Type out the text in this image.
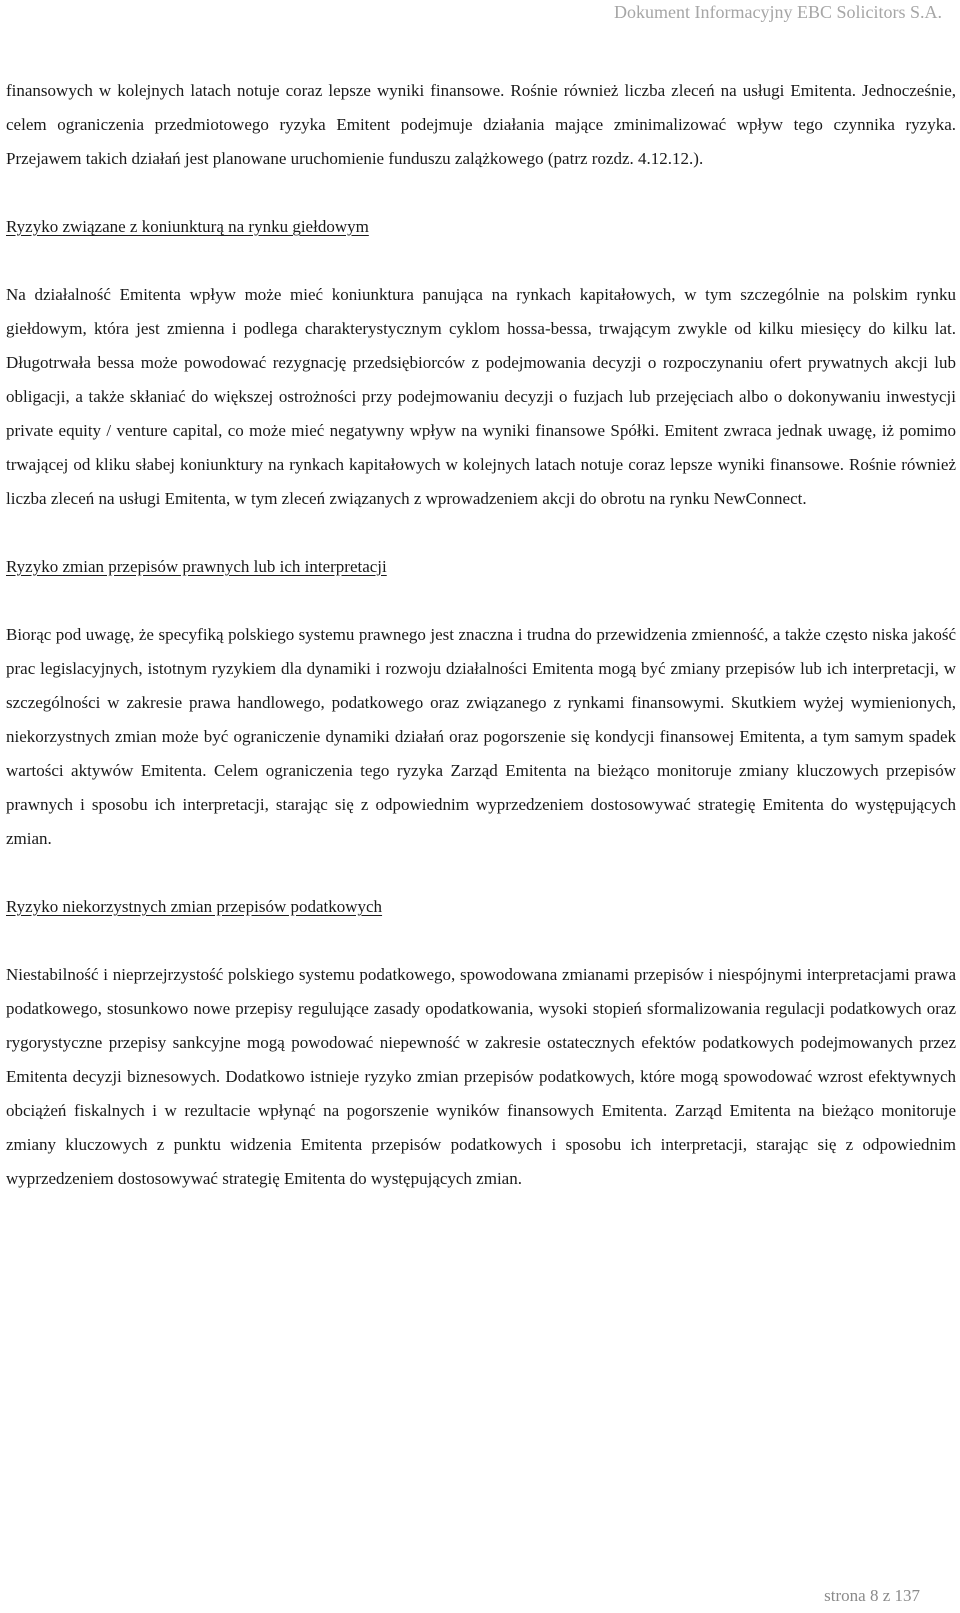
Dokument Informacyjny EBC Solicitors S.A.

finansowych w kolejnych latach notuje coraz lepsze wyniki finansowe. Rośnie również liczba zleceń na usługi Emitenta. Jednocześnie, celem ograniczenia przedmiotowego ryzyka Emitent podejmuje działania mające zminimalizować wpływ tego czynnika ryzyka. Przejawem takich działań jest planowane uruchomienie funduszu zalążkowego (patrz rozdz. 4.12.12.).

Ryzyko związane z koniunkturą na rynku giełdowym

Na działalność Emitenta wpływ może mieć koniunktura panująca na rynkach kapitałowych, w tym szczególnie na polskim rynku giełdowym, która jest zmienna i podlega charakterystycznym cyklom hossa-bessa, trwającym zwykle od kilku miesięcy do kilku lat. Długotrwała bessa może powodować rezygnację przedsiębiorców z podejmowania decyzji o rozpoczynaniu ofert prywatnych akcji lub obligacji, a także skłaniać do większej ostrożności przy podejmowaniu decyzji o fuzjach lub przejęciach albo o dokonywaniu inwestycji private equity / venture capital, co może mieć negatywny wpływ na wyniki finansowe Spółki. Emitent zwraca jednak uwagę, iż pomimo trwającej od kliku słabej koniunktury na rynkach kapitałowych w kolejnych latach notuje coraz lepsze wyniki finansowe. Rośnie również liczba zleceń na usługi Emitenta, w tym zleceń związanych z wprowadzeniem akcji do obrotu na rynku NewConnect.

Ryzyko zmian przepisów prawnych lub ich interpretacji

Biorąc pod uwagę, że specyfiką polskiego systemu prawnego jest znaczna i trudna do przewidzenia zmienność, a także często niska jakość prac legislacyjnych, istotnym ryzykiem dla dynamiki i rozwoju działalności Emitenta mogą być zmiany przepisów lub ich interpretacji, w szczególności w zakresie prawa handlowego, podatkowego oraz związanego z rynkami finansowymi. Skutkiem wyżej wymienionych, niekorzystnych zmian może być ograniczenie dynamiki działań oraz pogorszenie się kondycji finansowej Emitenta, a tym samym spadek wartości aktywów Emitenta. Celem ograniczenia tego ryzyka Zarząd Emitenta na bieżąco monitoruje zmiany kluczowych przepisów prawnych i sposobu ich interpretacji, starając się z odpowiednim wyprzedzeniem dostosowywać strategię Emitenta do występujących zmian.

Ryzyko niekorzystnych zmian przepisów podatkowych

Niestabilność i nieprzejrzystość polskiego systemu podatkowego, spowodowana zmianami przepisów i niespójnymi interpretacjami prawa podatkowego, stosunkowo nowe przepisy regulujące zasady opodatkowania, wysoki stopień sformalizowania regulacji podatkowych oraz rygorystyczne przepisy sankcyjne mogą powodować niepewność w zakresie ostatecznych efektów podatkowych podejmowanych przez Emitenta decyzji biznesowych. Dodatkowo istnieje ryzyko zmian przepisów podatkowych, które mogą spowodować wzrost efektywnych obciążeń fiskalnych i w rezultacie wpłynąć na pogorszenie wyników finansowych Emitenta. Zarząd Emitenta na bieżąco monitoruje zmiany kluczowych z punktu widzenia Emitenta przepisów podatkowych i sposobu ich interpretacji, starając się z odpowiednim wyprzedzeniem dostosowywać strategię Emitenta do występujących zmian.

strona 8 z 137
